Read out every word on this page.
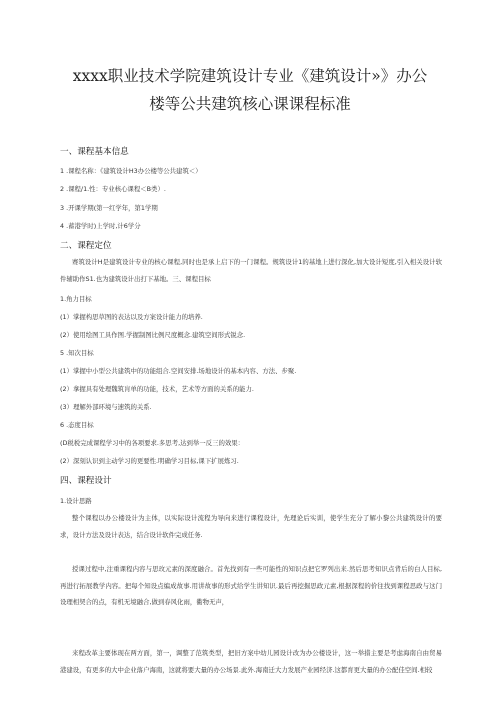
xxxx职业技术学院建筑设计专业《建筑设计»》办公
楼等公共建筑核心课课程标准
一、课程基本信息
1 .课程名称：《建筑设计H3办公楼等公共建筑＜）
2 .课程/1.性：专业核心课程＜B类）.
3 .开课学期(第一红学年，第1学期
4 .蓄港学时)上学时,计6学分
二、课程定位

赛筑设计H是建筑设计专业的核心课程,同时也是承上启下的一门课程。规筑设计1的基地上进行深化,加大设计短度,引入相关设计软件辅助作S1.也为建筑设计出打下基地。三、课程目标

1.角力目标
(1）掌握构思草图的表达以及方案设计能力的培养.
(2）使用绘图工具作图.学握制图比例尺度概念.建筑空间形式锐念.
5 .知次目标
(1）掌握中小型公共建筑中的功能组合.空间安排.场地设计的基本内容、方法、步聚.
(2）拿握具有处理魏筑肓单的功能，技术，艺术等方面的关系的能力.
(3）理解外部环境与速筑的关系.
6 .态度目标
(D税税完成课程学习中的各项要求.多思考,达到举一反三的效果：
(2）深刻认识到主动学习的更要性.明确学习目标,课下扩展炼习.
四、课程设计
1.设计思路

整个课程以办公楼设计为主体，以实际设计流程为导向来进行课程设计，先理论后实训，使学生充分了解小黎公共建筑设计的要求，设计方法及设计表达，结合设计软件完成任务.

授课过程中,注重课程内容与思玫元素的深度融合。首先找到有一些可能性的知识点把它罗列出来.然后思考知识点背后的白人目标,再进行拓展教学内容。把每个知设点编成故事.用讲故事的形式给学生讲知识.最后再挖掘思政元素,根据深程的价往找到课程思政与这门设理相契合的点，有机无境融合,做到春风化雨，衢物无声，

来程改革主要体现在两方面，第一，调整了范筑类型，把旧方案中幼儿园设计改为办公楼设计，这一举措主要是考虑海南自由贸易港建设，有更多的大中企业落户海南，这就将要大量的办公场景.此外.海南迁大力发展产业园经济.这都育更大量的办公配佳空间.相较
